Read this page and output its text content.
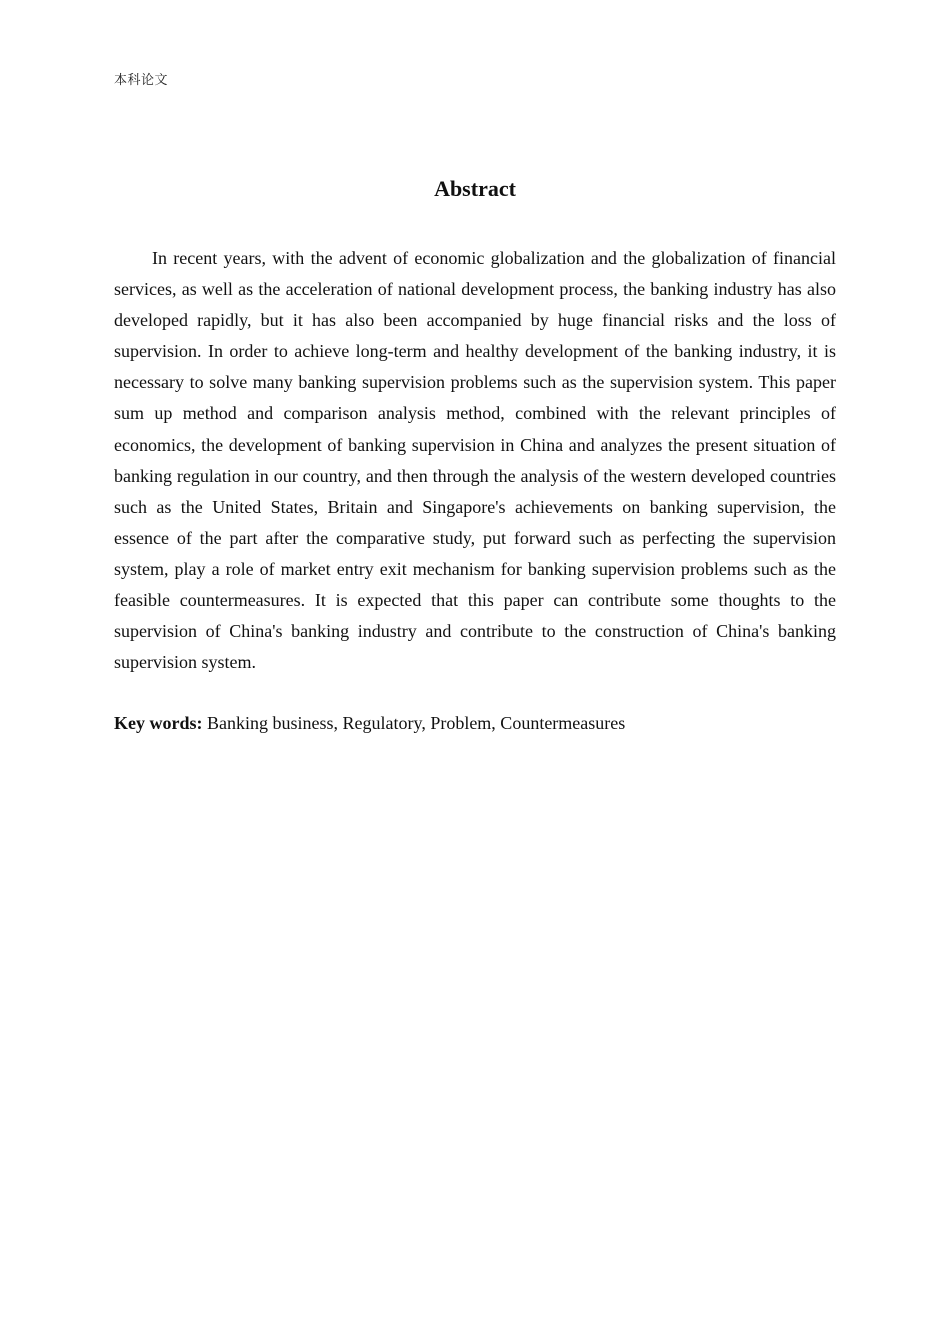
本科论文
Abstract

In recent years, with the advent of economic globalization and the globalization of financial services, as well as the acceleration of national development process, the banking industry has also developed rapidly, but it has also been accompanied by huge financial risks and the loss of supervision. In order to achieve long-term and healthy development of the banking industry, it is necessary to solve many banking supervision problems such as the supervision system. This paper sum up method and comparison analysis method, combined with the relevant principles of economics, the development of banking supervision in China and analyzes the present situation of banking regulation in our country, and then through the analysis of the western developed countries such as the United States, Britain and Singapore's achievements on banking supervision, the essence of the part after the comparative study, put forward such as perfecting the supervision system, play a role of market entry exit mechanism for banking supervision problems such as the feasible countermeasures. It is expected that this paper can contribute some thoughts to the supervision of China's banking industry and contribute to the construction of China's banking supervision system.

Key words: Banking business, Regulatory, Problem, Countermeasures
